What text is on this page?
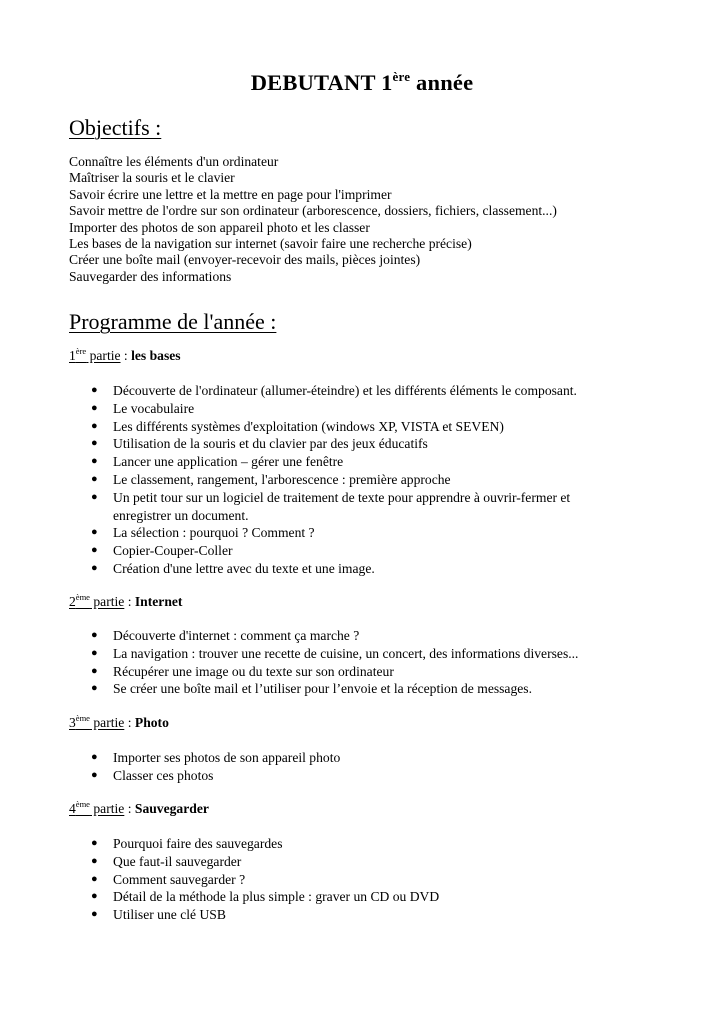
DEBUTANT 1ère année
Objectifs :
Connaître les éléments d'un ordinateur
Maîtriser la souris et le clavier
Savoir écrire une lettre et la mettre en page pour l'imprimer
Savoir mettre de l'ordre sur son ordinateur (arborescence, dossiers, fichiers, classement...)
Importer des photos de son appareil photo et les classer
Les bases de la navigation sur internet (savoir faire une recherche précise)
Créer une boîte mail (envoyer-recevoir des mails, pièces jointes)
Sauvegarder des informations
Programme de l'année :
1ère partie : les bases
● Découverte de l'ordinateur (allumer-éteindre) et les différents éléments le composant.
● Le vocabulaire
● Les différents systèmes d'exploitation (windows XP, VISTA et SEVEN)
● Utilisation de la souris et du clavier par des jeux éducatifs
● Lancer une application – gérer une fenêtre
● Le classement, rangement, l'arborescence : première approche
● Un petit tour sur un logiciel de traitement de texte pour apprendre à ouvrir-fermer et enregistrer un document.
● La sélection : pourquoi ? Comment ?
● Copier-Couper-Coller
● Création d'une lettre avec du texte et une image.
2ème partie : Internet
● Découverte d'internet : comment ça marche ?
● La navigation : trouver une recette de cuisine, un concert, des informations diverses...
● Récupérer une image ou du texte sur son ordinateur
● Se créer une boîte mail et l’utiliser pour l’envoie et la réception de messages.
3ème partie : Photo
● Importer ses photos de son appareil photo
● Classer ces photos
4ème partie : Sauvegarder
● Pourquoi faire des sauvegardes
● Que faut-il sauvegarder
● Comment sauvegarder ?
● Détail de la méthode la plus simple : graver un CD ou DVD
● Utiliser une clé USB
